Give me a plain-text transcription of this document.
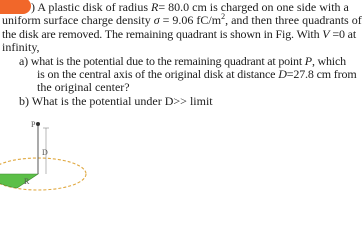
) A plastic disk of radius R= 80.0 cm is charged on one side with a
uniform surface charge density σ = 9.06 $fC/m^2$, and then three quadrants of
the disk are removed. The remaining quadrant is shown in Fig. With V =0 at
infinity,
a) what is the potential due to the remaining quadrant at point P, which
is on the central axis of the original disk at distance D=27.8 cm from
the original center?
b) What is the potential under D>> limit
P
D
R
